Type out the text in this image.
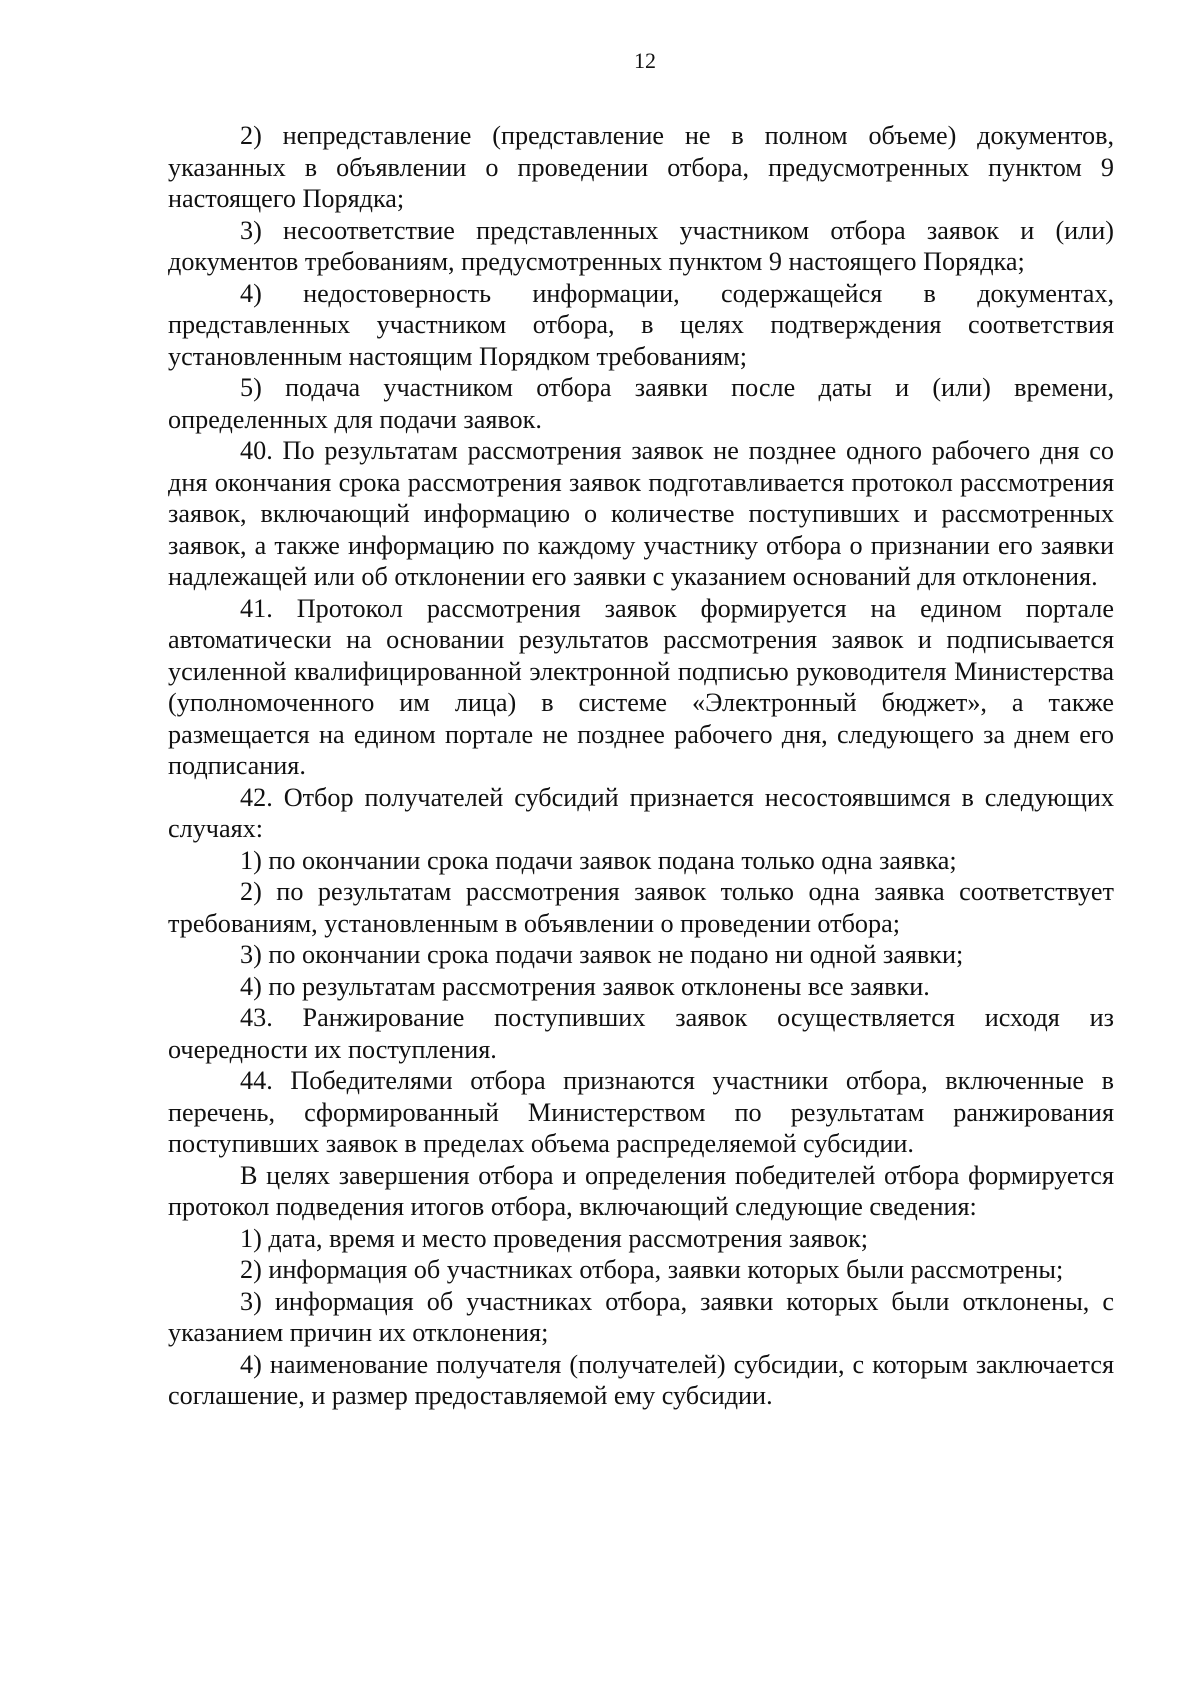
12

2) непредставление (представление не в полном объеме) документов, указанных в объявлении о проведении отбора, предусмотренных пунктом 9 настоящего Порядка;

3) несоответствие представленных участником отбора заявок и (или) документов требованиям, предусмотренных пунктом 9 настоящего Порядка;

4) недостоверность информации, содержащейся в документах, представленных участником отбора, в целях подтверждения соответствия установленным настоящим Порядком требованиям;

5) подача участником отбора заявки после даты и (или) времени, определенных для подачи заявок.

40. По результатам рассмотрения заявок не позднее одного рабочего дня со дня окончания срока рассмотрения заявок подготавливается протокол рассмотрения заявок, включающий информацию о количестве поступивших и рассмотренных заявок, а также информацию по каждому участнику отбора о признании его заявки надлежащей или об отклонении его заявки с указанием оснований для отклонения.

41. Протокол рассмотрения заявок формируется на едином портале автоматически на основании результатов рассмотрения заявок и подписывается усиленной квалифицированной электронной подписью руководителя Министерства (уполномоченного им лица) в системе «Электронный бюджет», а также размещается на едином портале не позднее рабочего дня, следующего за днем его подписания.

42. Отбор получателей субсидий признается несостоявшимся в следующих случаях:

1) по окончании срока подачи заявок подана только одна заявка;

2) по результатам рассмотрения заявок только одна заявка соответствует требованиям, установленным в объявлении о проведении отбора;

3) по окончании срока подачи заявок не подано ни одной заявки;

4) по результатам рассмотрения заявок отклонены все заявки.

43. Ранжирование поступивших заявок осуществляется исходя из очередности их поступления.

44. Победителями отбора признаются участники отбора, включенные в перечень, сформированный Министерством по результатам ранжирования поступивших заявок в пределах объема распределяемой субсидии.

В целях завершения отбора и определения победителей отбора формируется протокол подведения итогов отбора, включающий следующие сведения:

1) дата, время и место проведения рассмотрения заявок;

2) информация об участниках отбора, заявки которых были рассмотрены;

3) информация об участниках отбора, заявки которых были отклонены, с указанием причин их отклонения;

4) наименование получателя (получателей) субсидии, с которым заключается соглашение, и размер предоставляемой ему субсидии.
